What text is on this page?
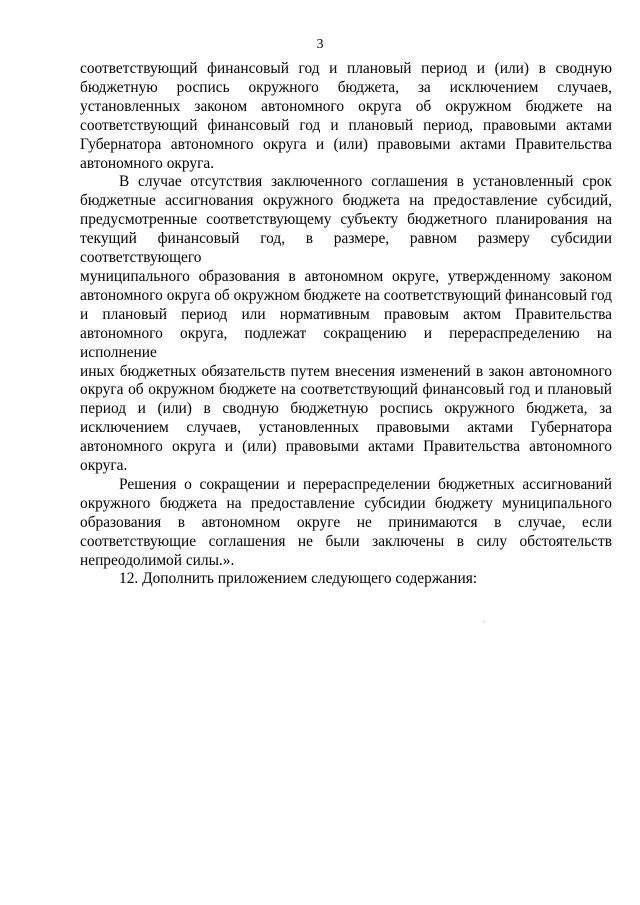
3
соответствующий финансовый год и плановый период и (или) в сводную
бюджетную роспись окружного бюджета, за исключением случаев,
установленных законом автономного округа об окружном бюджете на
соответствующий финансовый год и плановый период, правовыми актами
Губернатора автономного округа и (или) правовыми актами Правительства
автономного округа.
В случае отсутствия заключенного соглашения в установленный срок
бюджетные ассигнования окружного бюджета на предоставление субсидий,
предусмотренные соответствующему субъекту бюджетного планирования на
текущий финансовый год, в размере, равном размеру субсидии соответствующего
муниципального образования в автономном округе, утвержденному законом
автономного округа об окружном бюджете на соответствующий финансовый год
и плановый период или нормативным правовым актом Правительства
автономного округа, подлежат сокращению и перераспределению на исполнение
иных бюджетных обязательств путем внесения изменений в закон автономного
округа об окружном бюджете на соответствующий финансовый год и плановый
период и (или) в сводную бюджетную роспись окружного бюджета, за
исключением случаев, установленных правовыми актами Губернатора
автономного округа и (или) правовыми актами Правительства автономного
округа.
Решения о сокращении и перераспределении бюджетных ассигнований
окружного бюджета на предоставление субсидии бюджету муниципального
образования в автономном округе не принимаются в случае, если
соответствующие соглашения не были заключены в силу обстоятельств
непреодолимой силы.».
12. Дополнить приложением следующего содержания:
